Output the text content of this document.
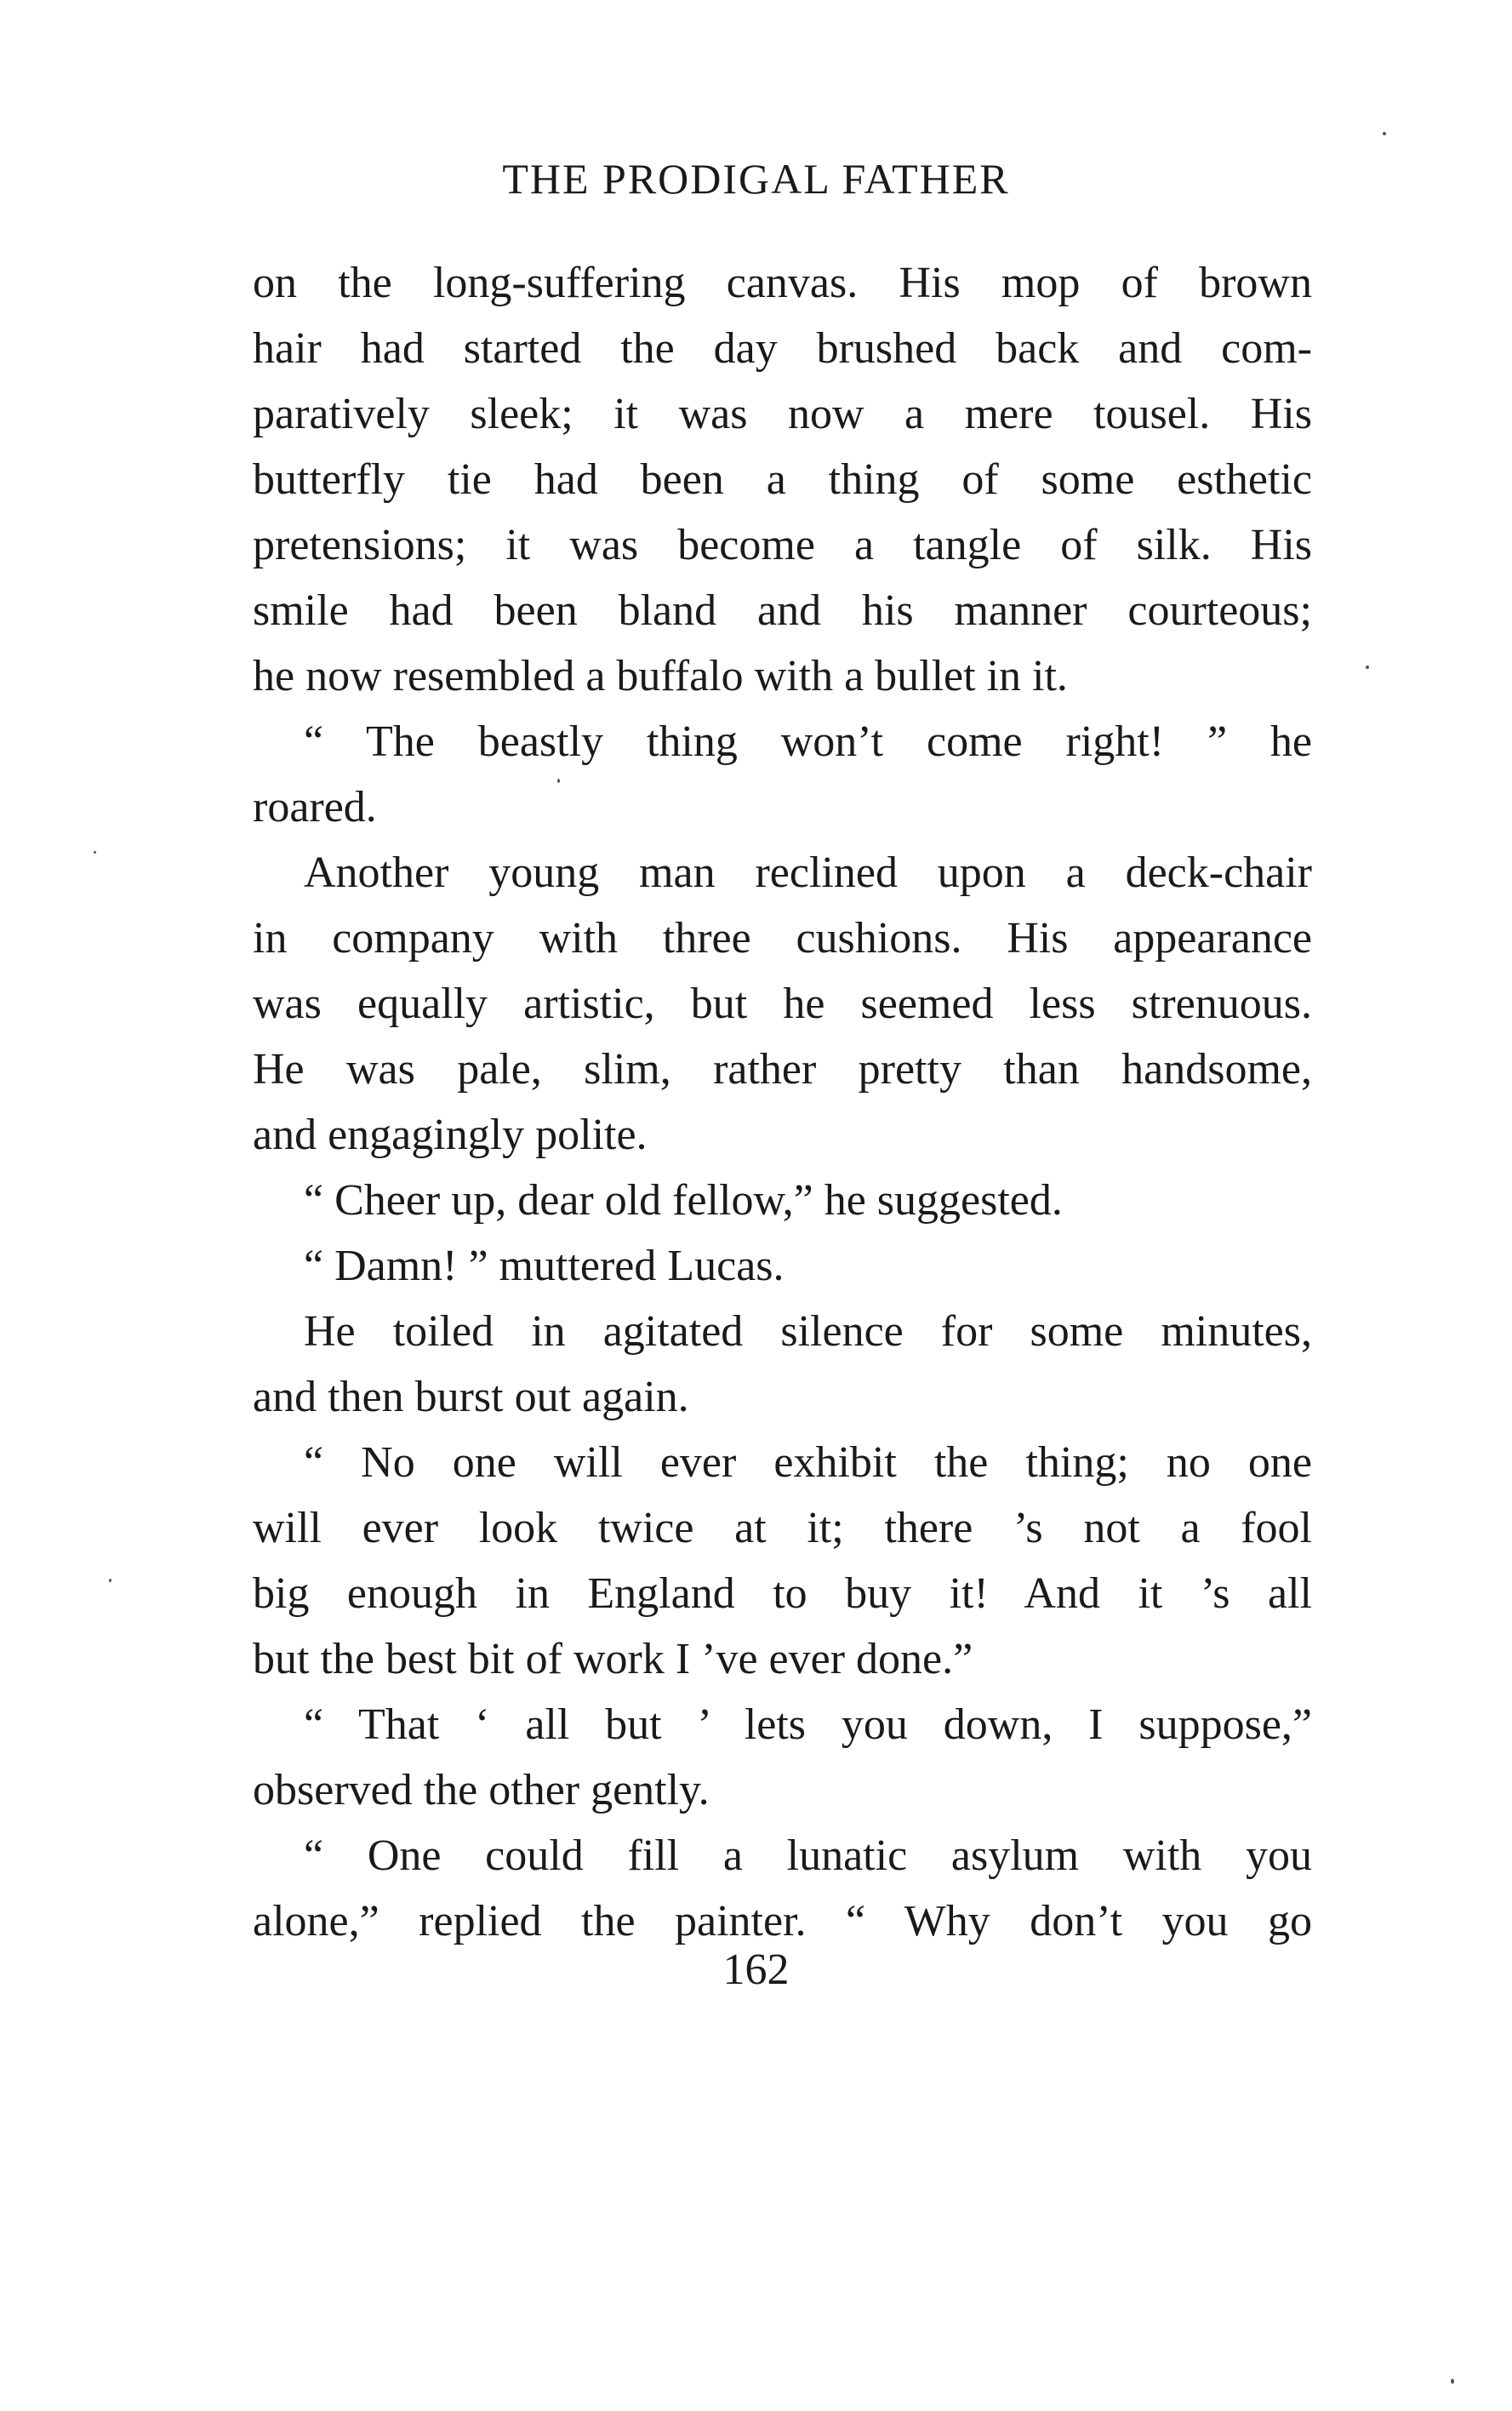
THE PRODIGAL FATHER
on the long-suffering canvas. His mop of brown
hair had started the day brushed back and com-
paratively sleek; it was now a mere tousel. His
butterfly tie had been a thing of some esthetic
pretensions; it was become a tangle of silk. His
smile had been bland and his manner courteous;
he now resembled a buffalo with a bullet in it.
“ The beastly thing won’t come right! ” he
roared.
Another young man reclined upon a deck-chair
in company with three cushions. His appearance
was equally artistic, but he seemed less strenuous.
He was pale, slim, rather pretty than handsome,
and engagingly polite.
“ Cheer up, dear old fellow,” he suggested.
“ Damn! ” muttered Lucas.
He toiled in agitated silence for some minutes,
and then burst out again.
“ No one will ever exhibit the thing; no one
will ever look twice at it; there ’s not a fool
big enough in England to buy it! And it ’s all
but the best bit of work I ’ve ever done.”
“ That ‘ all but ’ lets you down, I suppose,”
observed the other gently.
“ One could fill a lunatic asylum with you
alone,” replied the painter. “ Why don’t you go
162
